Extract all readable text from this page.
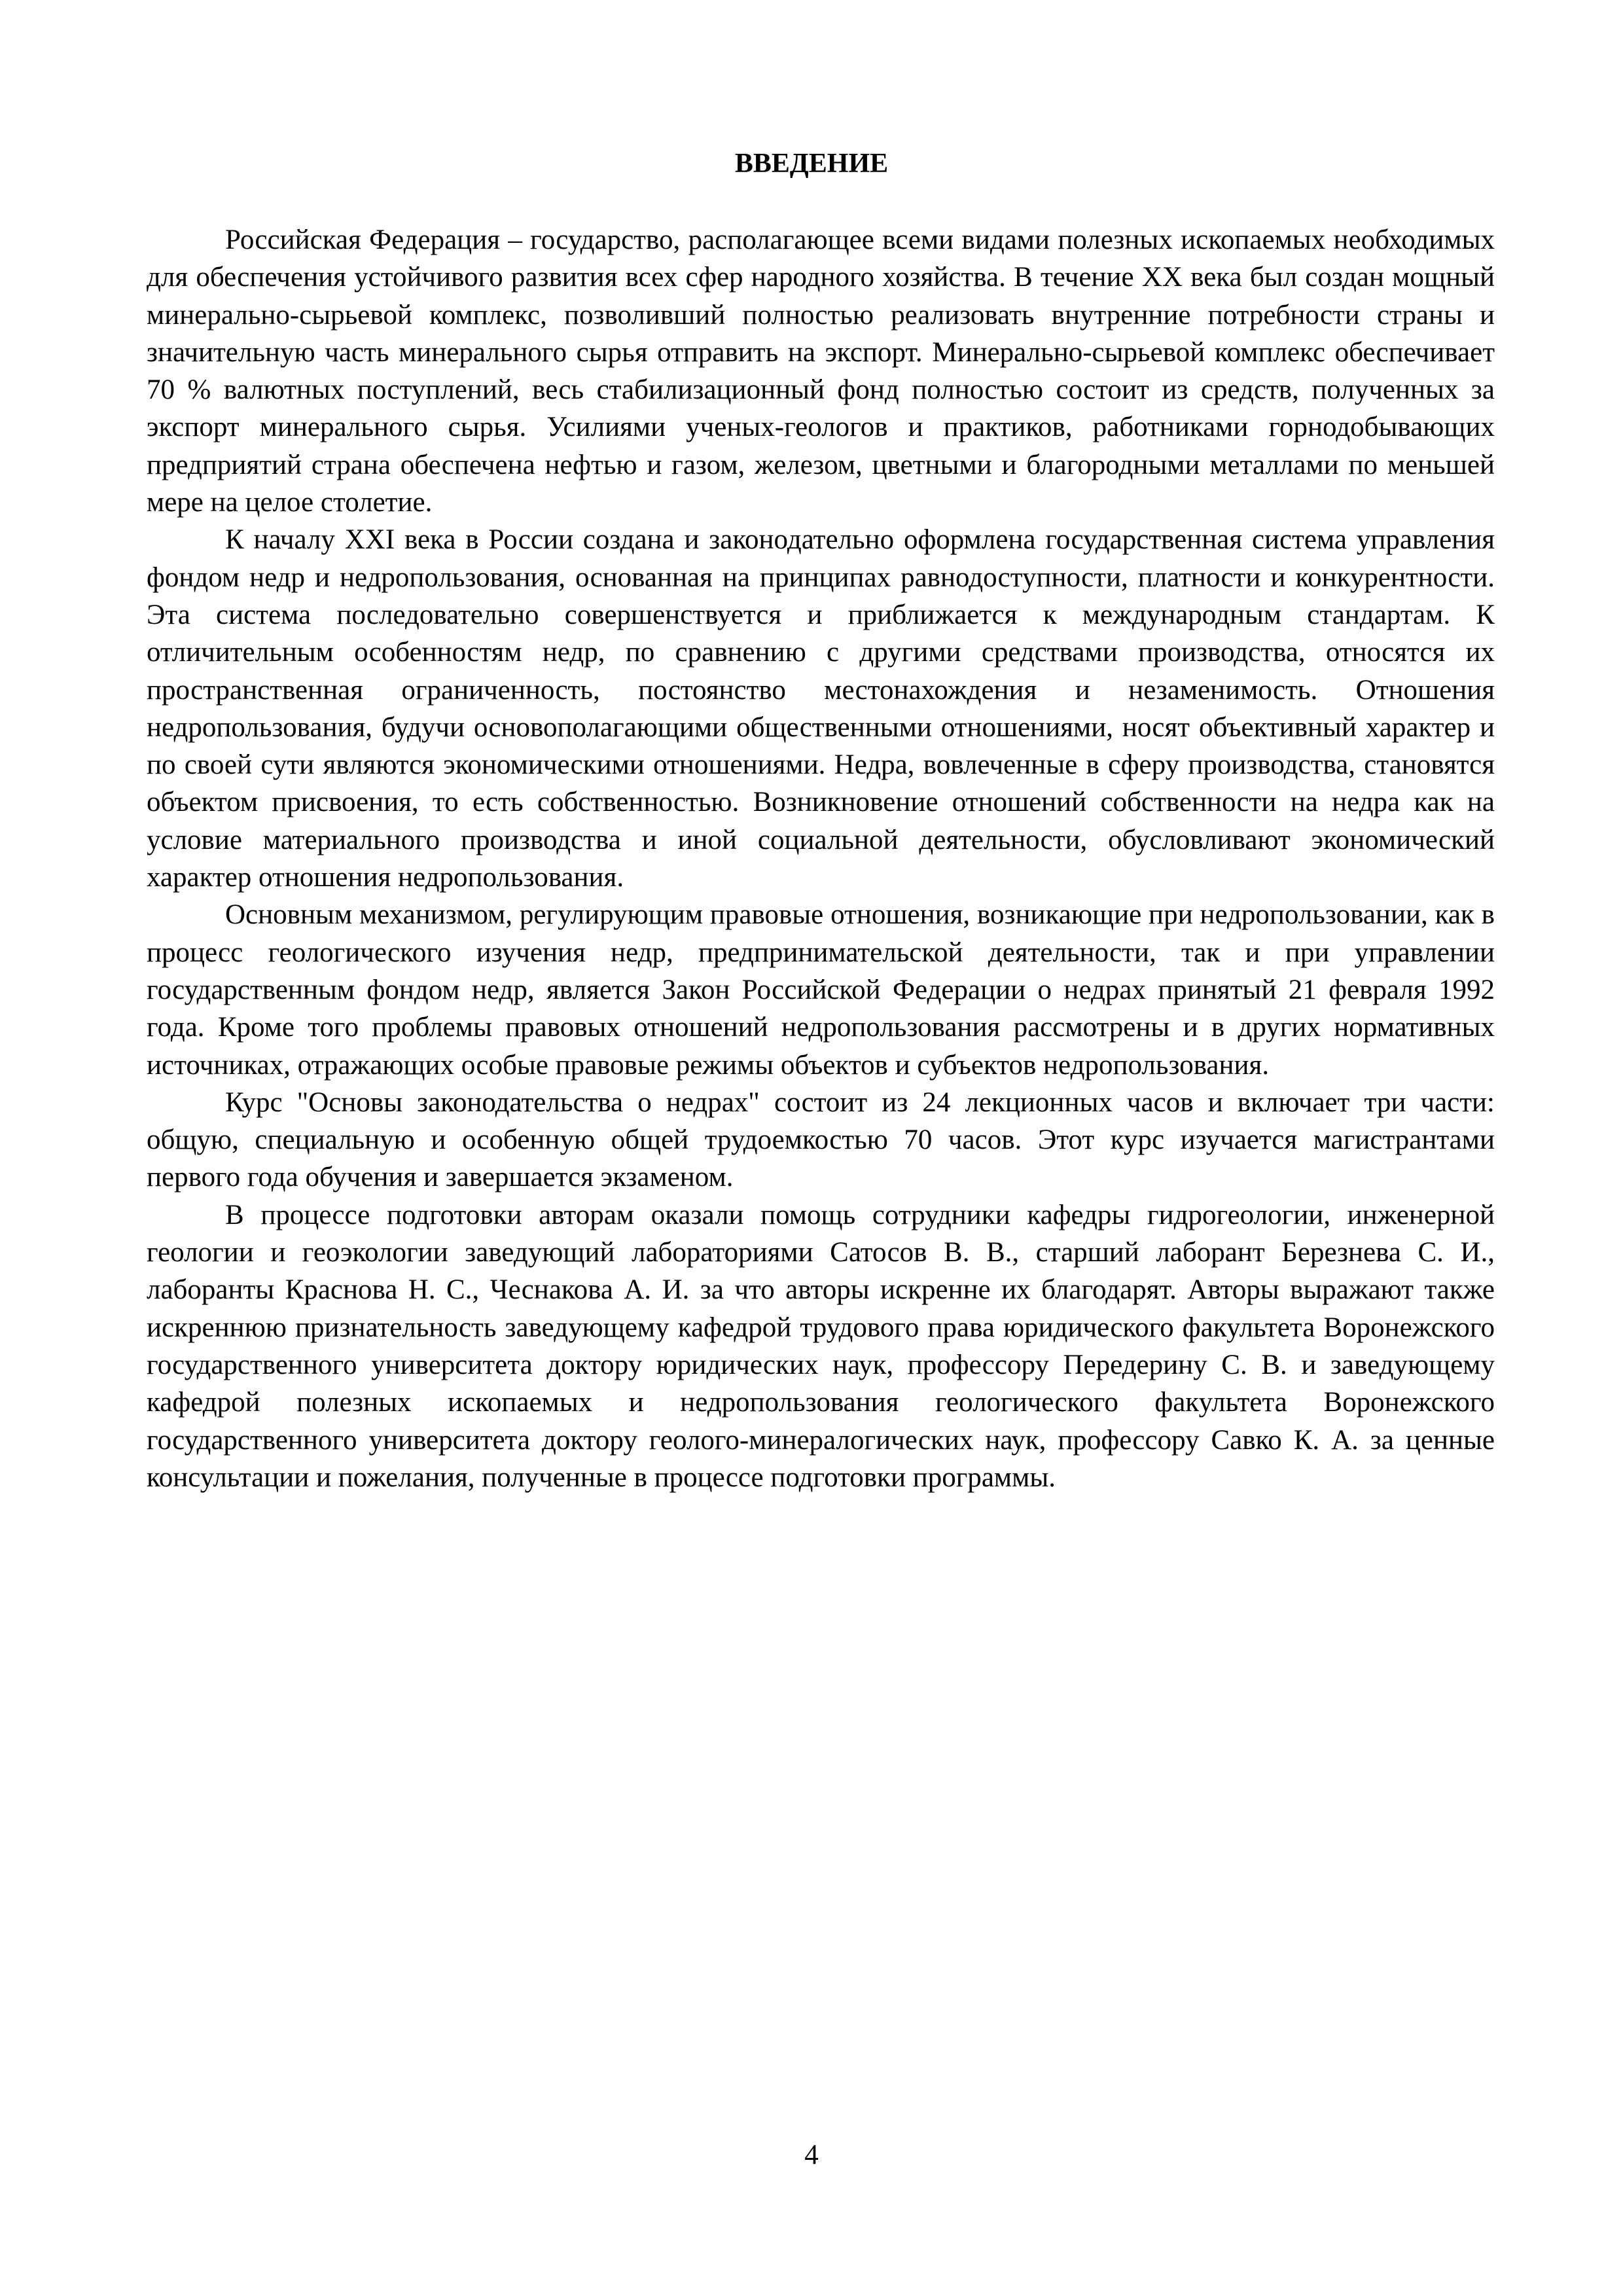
ВВЕДЕНИЕ

Российская Федерация – государство, располагающее всеми видами полезных ископаемых необходимых для обеспечения устойчивого развития всех сфер народного хозяйства. В течение XX века был создан мощный минерально-сырьевой комплекс, позволивший полностью реализовать внутренние потребности страны и значительную часть минерального сырья отправить на экспорт. Минерально-сырьевой комплекс обеспечивает 70 % валютных поступлений, весь стабилизационный фонд полностью состоит из средств, полученных за экспорт минерального сырья. Усилиями ученых-геологов и практиков, работниками горнодобывающих предприятий страна обеспечена нефтью и газом, железом, цветными и благородными металлами по меньшей мере на целое столетие.

К началу XXI века в России создана и законодательно оформлена государственная система управления фондом недр и недропользования, основанная на принципах равнодоступности, платности и конкурентности. Эта система последовательно совершенствуется и приближается к международным стандартам. К отличительным особенностям недр, по сравнению с другими средствами производства, относятся их пространственная ограниченность, постоянство местонахождения и незаменимость. Отношения недропользования, будучи основополагающими общественными отношениями, носят объективный характер и по своей сути являются экономическими отношениями. Недра, вовлеченные в сферу производства, становятся объектом присвоения, то есть собственностью. Возникновение отношений собственности на недра как на условие материального производства и иной социальной деятельности, обусловливают экономический характер отношения недропользования.

Основным механизмом, регулирующим правовые отношения, возникающие при недропользовании, как в процесс геологического изучения недр, предпринимательской деятельности, так и при управлении государственным фондом недр, является Закон Российской Федерации о недрах принятый 21 февраля 1992 года. Кроме того проблемы правовых отношений недропользования рассмотрены и в других нормативных источниках, отражающих особые правовые режимы объектов и субъектов недропользования.

Курс "Основы законодательства о недрах" состоит из 24 лекционных часов и включает три части: общую, специальную и особенную общей трудоемкостью 70 часов. Этот курс изучается магистрантами первого года обучения и завершается экзаменом.

В процессе подготовки авторам оказали помощь сотрудники кафедры гидрогеологии, инженерной геологии и геоэкологии заведующий лабораториями Сатосов В. В., старший лаборант Березнева С. И., лаборанты Краснова Н. С., Чеснакова А. И. за что авторы искренне их благодарят. Авторы выражают также искреннюю признательность заведующему кафедрой трудового права юридического факультета Воронежского государственного университета доктору юридических наук, профессору Передерину С. В. и заведующему кафедрой полезных ископаемых и недропользования геологического факультета Воронежского государственного университета доктору геолого-минералогических наук, профессору Савко К. А. за ценные консультации и пожелания, полученные в процессе подготовки программы.

4
